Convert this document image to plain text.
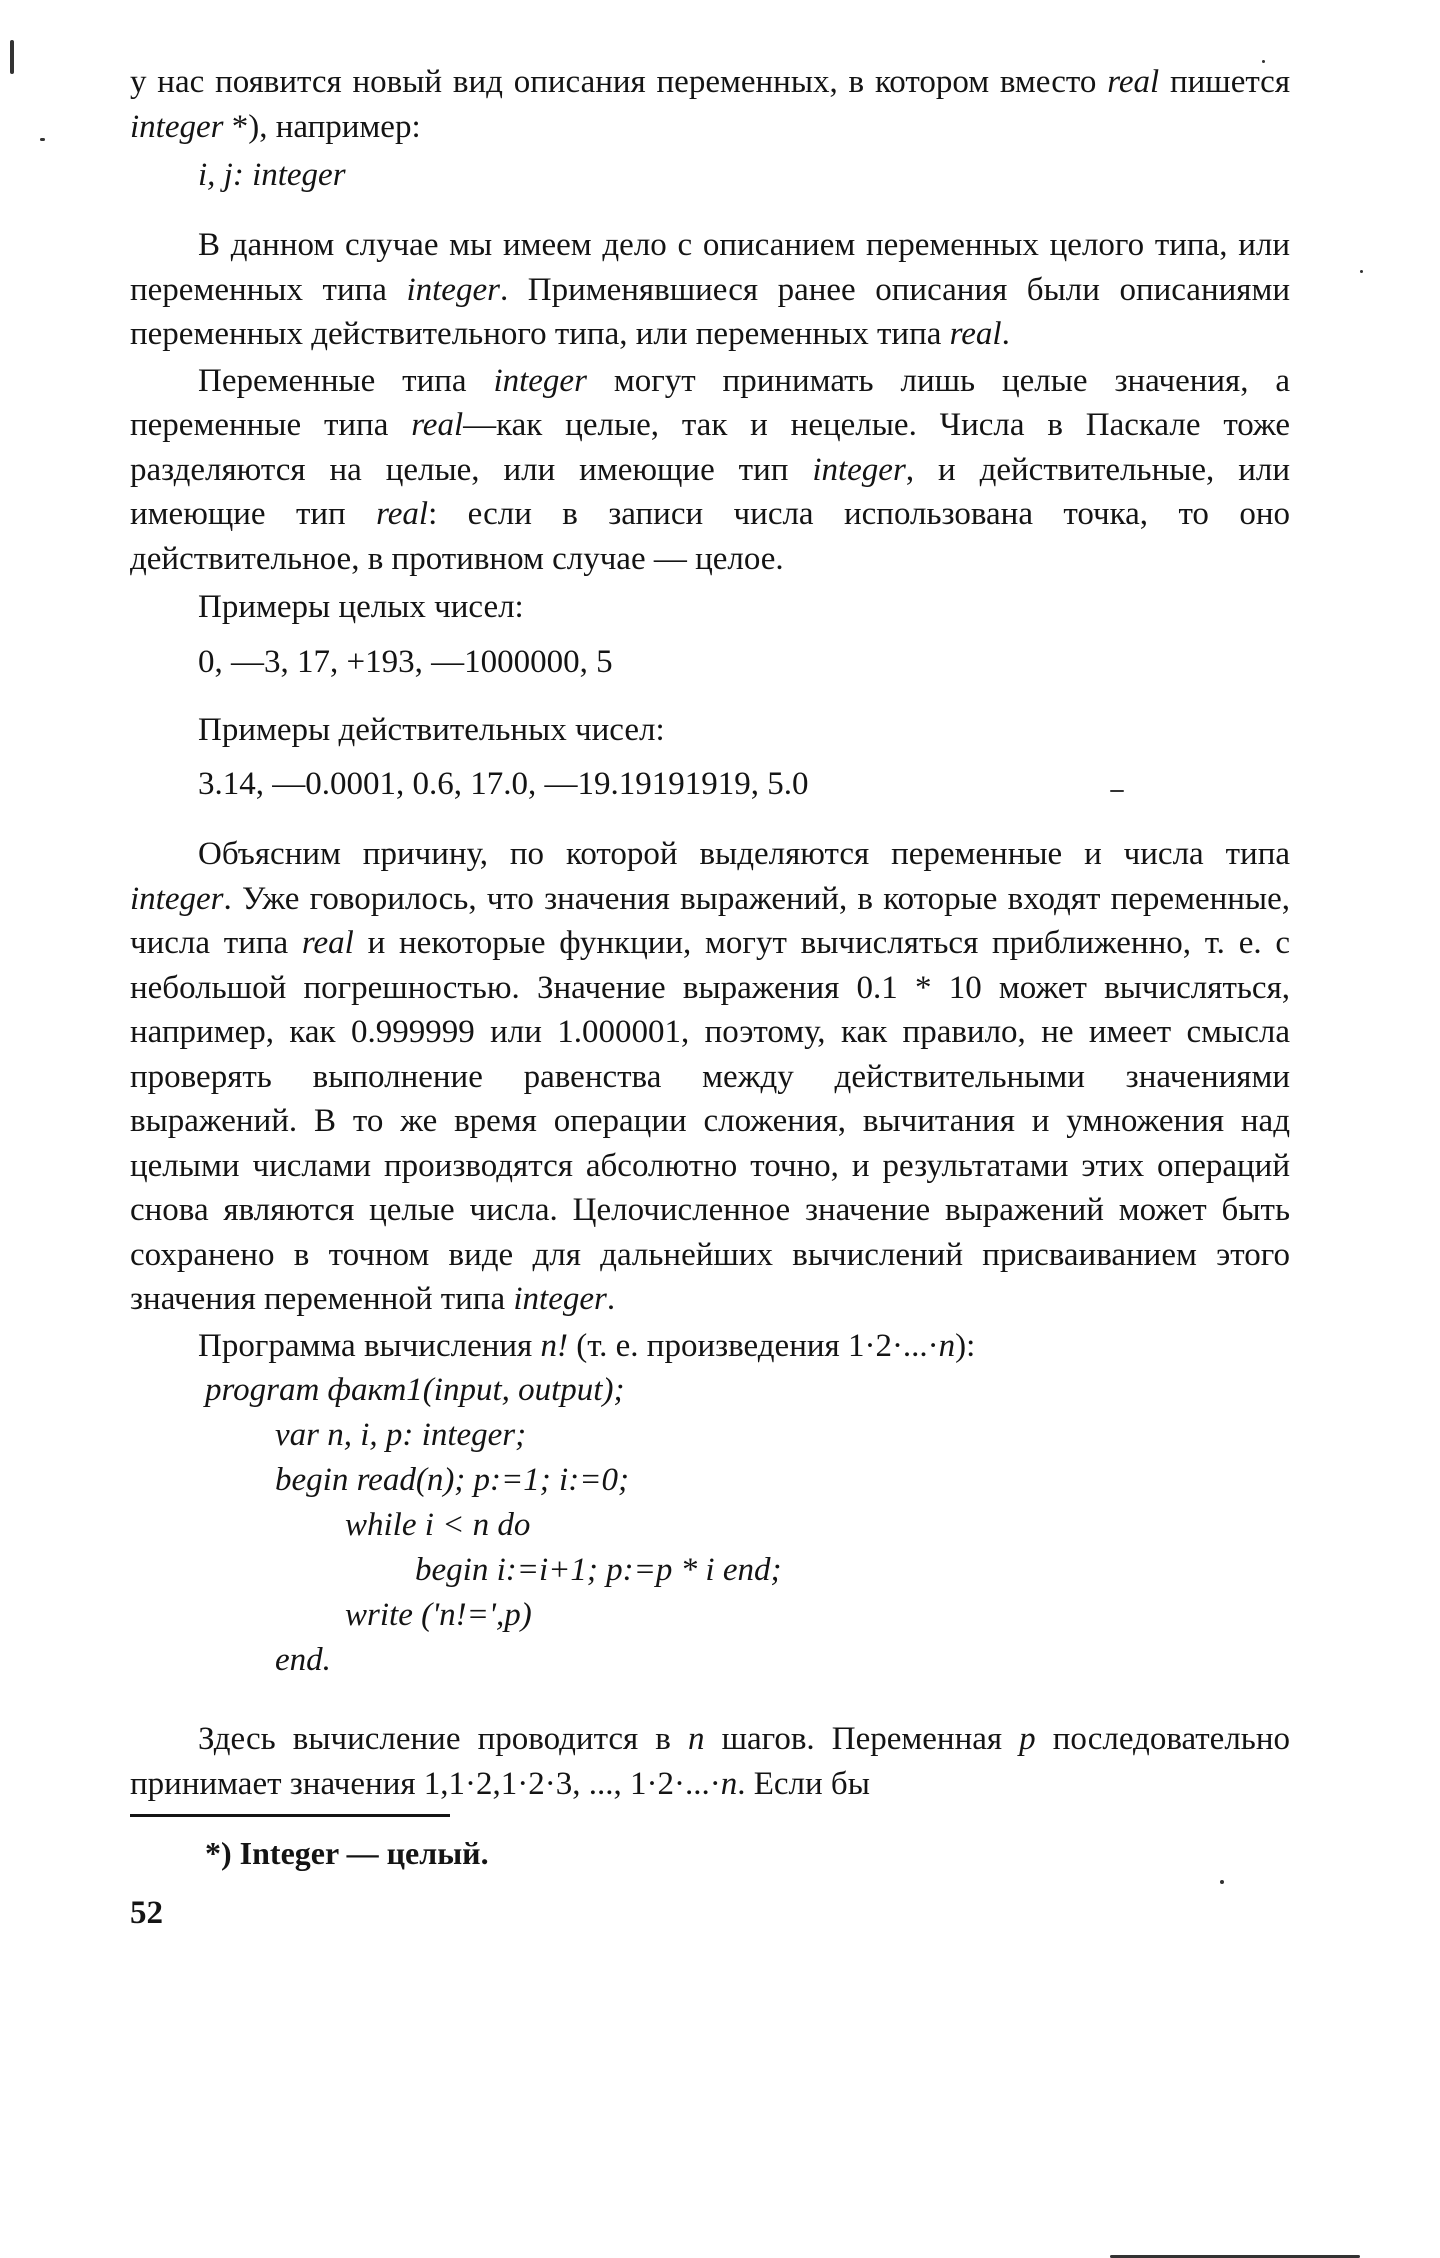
у нас появится новый вид описания переменных, в котором вместо real пишется integer *), например:

i, j: integer

В данном случае мы имеем дело с описанием переменных целого типа, или переменных типа integer. Применявшиеся ранее описания были описаниями переменных действительного типа, или переменных типа real.

Переменные типа integer могут принимать лишь целые значения, а переменные типа real—как целые, так и нецелые. Числа в Паскале тоже разделяются на целые, или имеющие тип integer, и действительные, или имеющие тип real: если в записи числа использована точка, то оно действительное, в противном случае — целое.

Примеры целых чисел:

0, —3, 17, +193, —1000000, 5

Примеры действительных чисел:

3.14, —0.0001, 0.6, 17.0, —19.19191919, 5.0

Объясним причину, по которой выделяются переменные и числа типа integer. Уже говорилось, что значения выражений, в которые входят переменные, числа типа real и некоторые функции, могут вычисляться приближенно, т. е. с небольшой погрешностью. Значение выражения 0.1 * 10 может вычисляться, например, как 0.999999 или 1.000001, поэтому, как правило, не имеет смысла проверять выполнение равенства между действительными значениями выражений. В то же время операции сложения, вычитания и умножения над целыми числами производятся абсолютно точно, и результатами этих операций снова являются целые числа. Целочисленное значение выражений может быть сохранено в точном виде для дальнейших вычислений присваиванием этого значения переменной типа integer.

Программа вычисления n! (т. е. произведения 1·2·...·n):

program факт1(input, output);
var n, i, p: integer;
begin read(n); p:=1; i:=0;
while i < n do
begin i:=i+1; p:=p * i end;
write ('n!=',p)
end.

Здесь вычисление проводится в n шагов. Переменная p последовательно принимает значения 1,1·2,1·2·3, ..., 1·2·...·n. Если бы

*) Integer — целый.
52
